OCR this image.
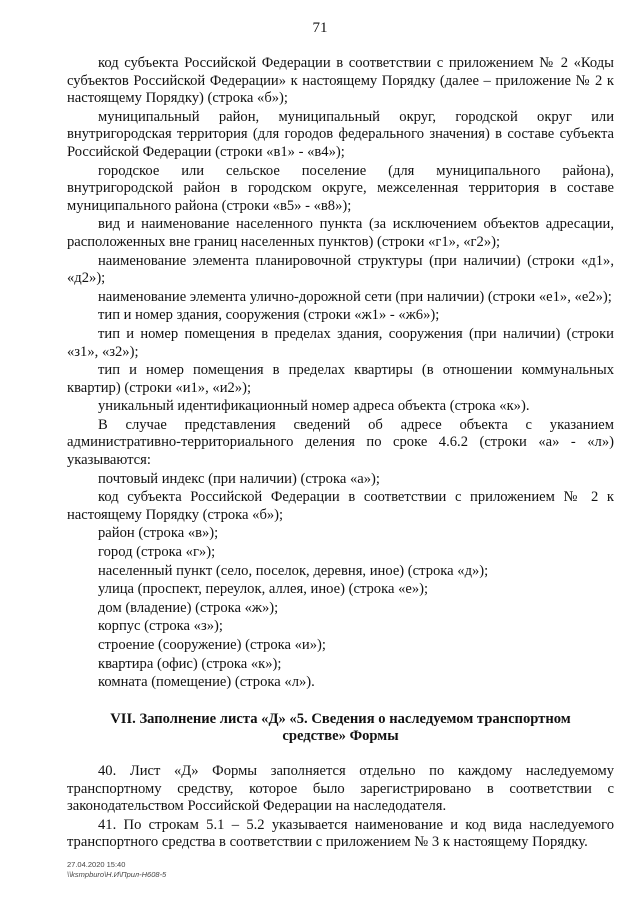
71

код субъекта Российской Федерации в соответствии с приложением № 2 «Коды субъектов Российской Федерации» к настоящему Порядку (далее – приложение № 2 к настоящему Порядку) (строка «б»);

муниципальный район, муниципальный округ, городской округ или внутригородская территория (для городов федерального значения) в составе субъекта Российской Федерации (строки «в1» - «в4»);

городское или сельское поселение (для муниципального района), внутригородской район в городском округе, межселенная территория в составе муниципального района (строки «в5» - «в8»);

вид и наименование населенного пункта (за исключением объектов адресации, расположенных вне границ населенных пунктов) (строки «г1», «г2»);

наименование элемента планировочной структуры (при наличии) (строки «д1», «д2»);

наименование элемента улично-дорожной сети (при наличии) (строки «е1», «е2»);

тип и номер здания, сооружения (строки «ж1» - «ж6»);

тип и номер помещения в пределах здания, сооружения (при наличии) (строки «з1», «з2»);

тип и номер помещения в пределах квартиры (в отношении коммунальных квартир) (строки «и1», «и2»);

уникальный идентификационный номер адреса объекта (строка «к»).

В случае представления сведений об адресе объекта с указанием административно-территориального деления по сроке 4.6.2 (строки «а» - «л») указываются:

почтовый индекс (при наличии) (строка «а»);

код субъекта Российской Федерации в соответствии с приложением № 2 к настоящему Порядку (строка «б»);

район (строка «в»);

город (строка «г»);

населенный пункт (село, поселок, деревня, иное) (строка «д»);

улица (проспект, переулок, аллея, иное) (строка «е»);

дом (владение) (строка «ж»);

корпус (строка «з»);

строение (сооружение) (строка «и»);

квартира (офис) (строка «к»);

комната (помещение) (строка «л»).

VII. Заполнение листа «Д» «5. Сведения о наследуемом транспортном средстве» Формы

40. Лист «Д» Формы заполняется отдельно по каждому наследуемому транспортному средству, которое было зарегистрировано в соответствии с законодательством Российской Федерации на наследодателя.

41. По строкам 5.1 – 5.2 указывается наименование и код вида наследуемого транспортного средства в соответствии с приложением № 3 к настоящему Порядку.

27.04.2020 15:40
\\ksmpburo\Н.И\Прил-Н608-5
